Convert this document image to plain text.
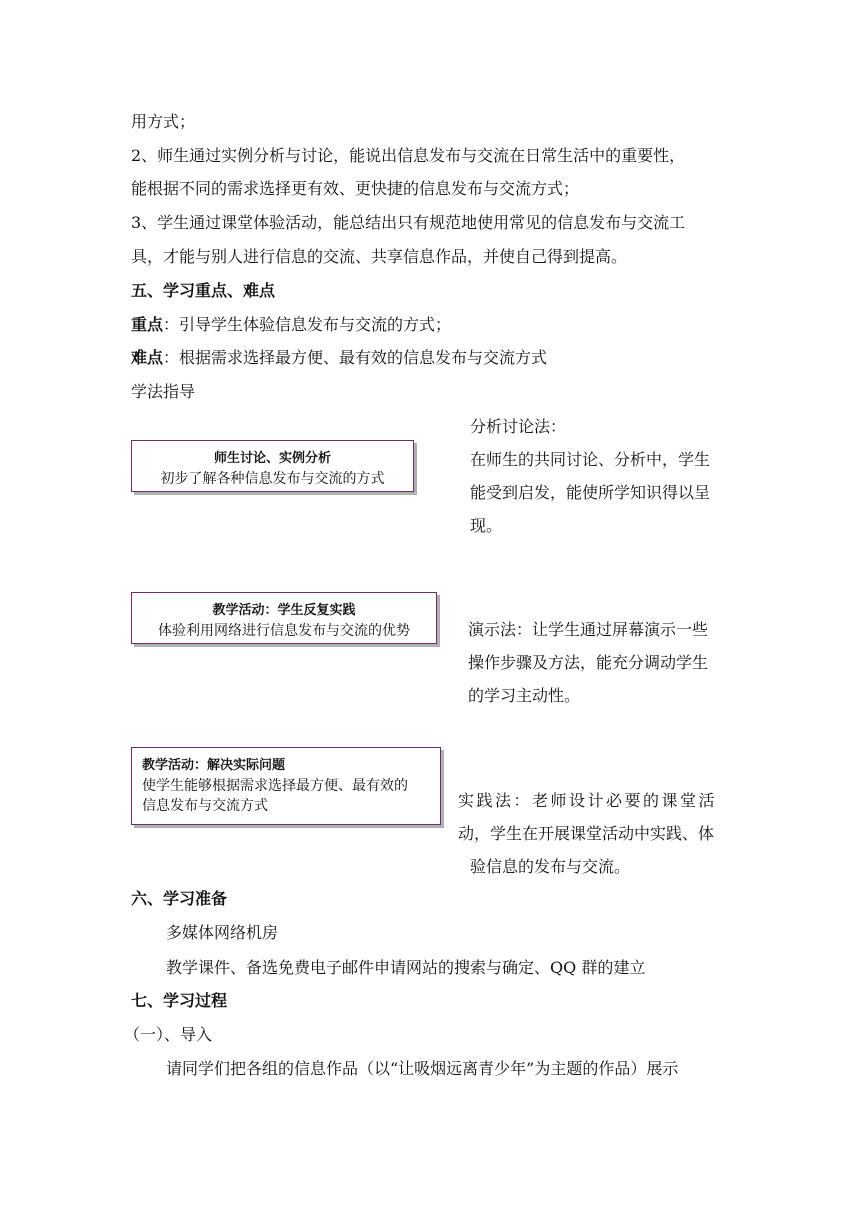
用方式；
2、师生通过实例分析与讨论，能说出信息发布与交流在日常生活中的重要性，
能根据不同的需求选择更有效、更快捷的信息发布与交流方式；
3、学生通过课堂体验活动，能总结出只有规范地使用常见的信息发布与交流工
具，才能与别人进行信息的交流、共享信息作品，并使自己得到提高。
五、学习重点、难点
重点：引导学生体验信息发布与交流的方式；
难点：根据需求选择最方便、最有效的信息发布与交流方式
学法指导
师生讨论、实例分析
初步了解各种信息发布与交流的方式
分析讨论法：
在师生的共同讨论、分析中，学生
能受到启发，能使所学知识得以呈
现。
教学活动：学生反复实践
体验利用网络进行信息发布与交流的优势	演示法：让学生通过屏幕演示一些
操作步骤及方法，能充分调动学生
的学习主动性。
教学活动：解决实际问题
使学生能够根据需求选择最方便、最有效的
信息发布与交流方式	实践法：老师设计必要的课堂活
动，学生在开展课堂活动中实践、体
验信息的发布与交流。
六、学习准备
多媒体网络机房
教学课件、备选免费电子邮件申请网站的搜索与确定、QQ 群的建立
七、学习过程
（一）、导入
请同学们把各组的信息作品（以“让吸烟远离青少年”为主题的作品）展示
